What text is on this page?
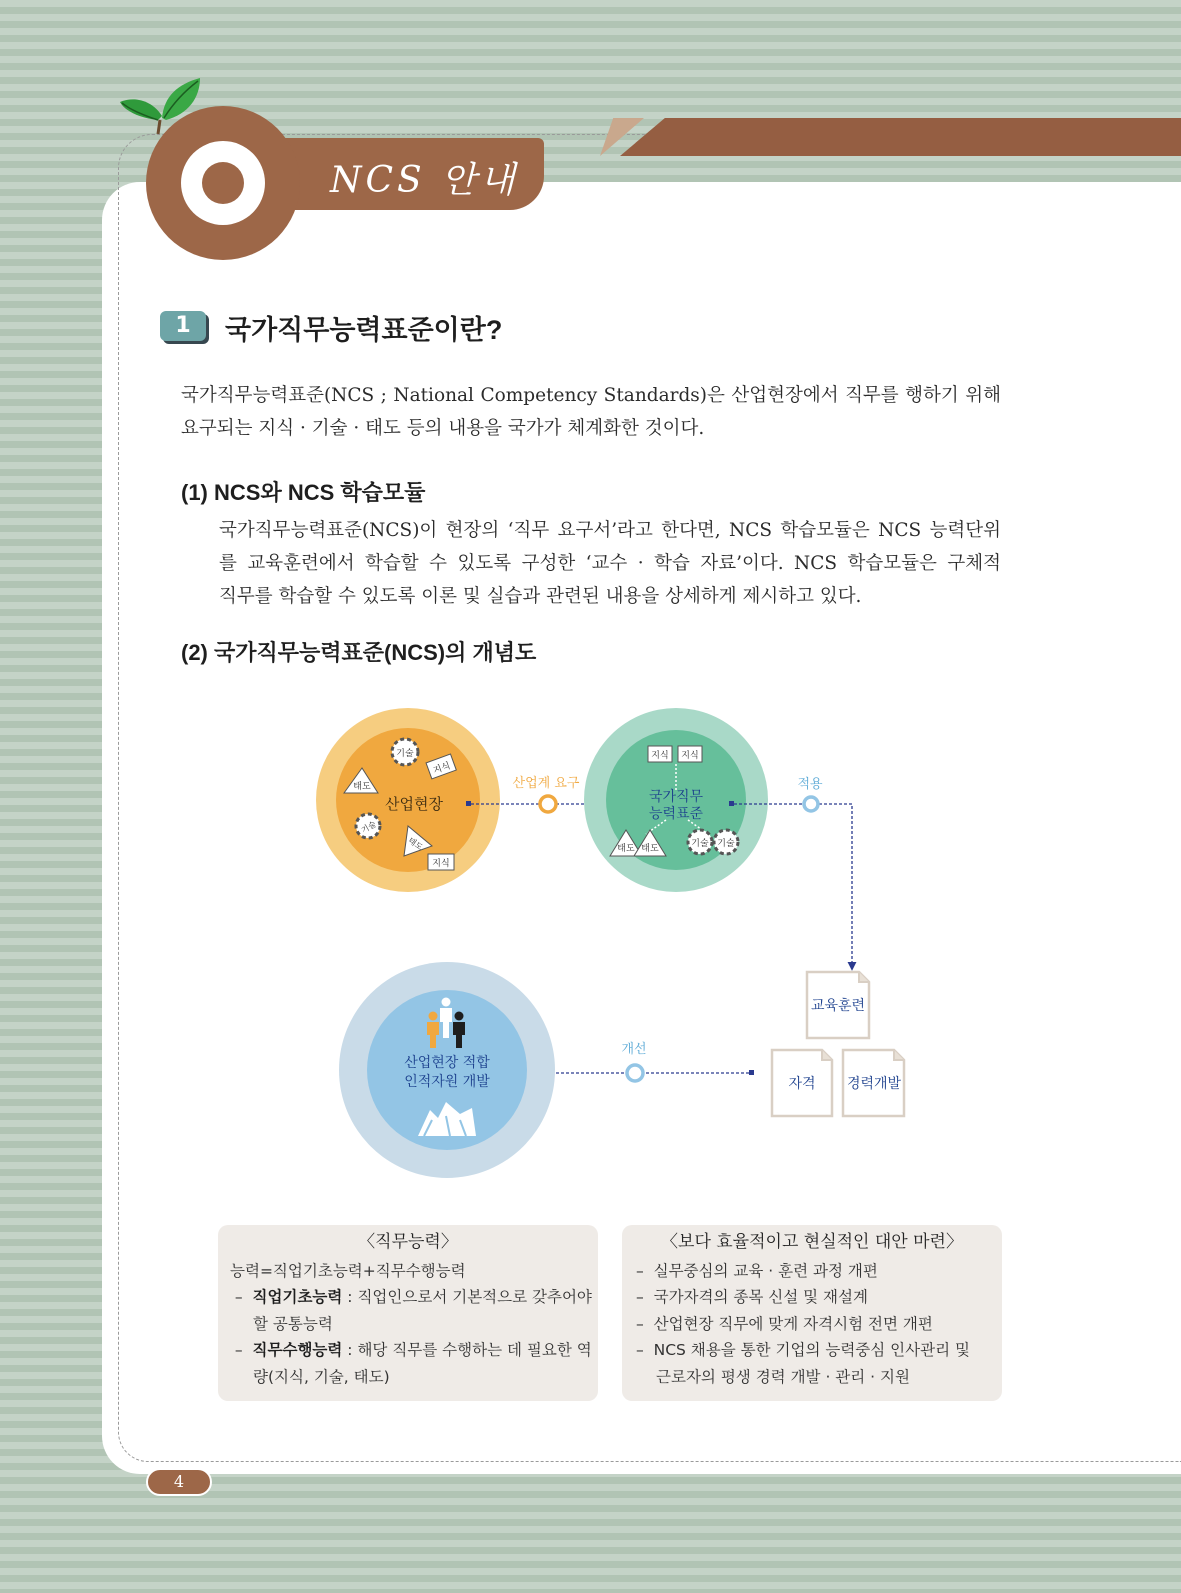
NCS 안내
1	국가직무능력표준이란?
국가직무능력표준(NCS ; National Competency Standards)은 산업현장에서 직무를 행하기 위해
요구되는 지식 · 기술 · 태도 등의 내용을 국가가 체계화한 것이다.
(1) NCS와 NCS 학습모듈
국가직무능력표준(NCS)이 현장의 ‘직무 요구서’라고 한다면, NCS 학습모듈은 NCS 능력단위
를 교육훈련에서 학습할 수 있도록 구성한 ‘교수 · 학습 자료’이다. NCS 학습모듈은 구체적
직무를 학습할 수 있도록 이론 및 실습과 관련된 내용을 상세하게 제시하고 있다.
(2) 국가직무능력표준(NCS)의 개념도
산업현장
기술
지식
태도
기술
태도
지식
산업계 요구
국가직무
능력표준
지식 지식
태도 태도	기술 기술
적용
교육훈련
자격 경력개발
개선
산업현장 적합
인적자원 개발
〈직무능력〉
능력=직업기초능력+직무수행능력
–  직업기초능력 : 직업인으로서 기본적으로 갖추어야
할 공통능력
–  직무수행능력 : 해당 직무를 수행하는 데 필요한 역
량(지식, 기술, 태도)
〈보다 효율적이고 현실적인 대안 마련〉
–  실무중심의 교육 · 훈련 과정 개편
–  국가자격의 종목 신설 및 재설계
–  산업현장 직무에 맞게 자격시험 전면 개편
–  NCS 채용을 통한 기업의 능력중심 인사관리 및
근로자의 평생 경력 개발 · 관리 · 지원
4
